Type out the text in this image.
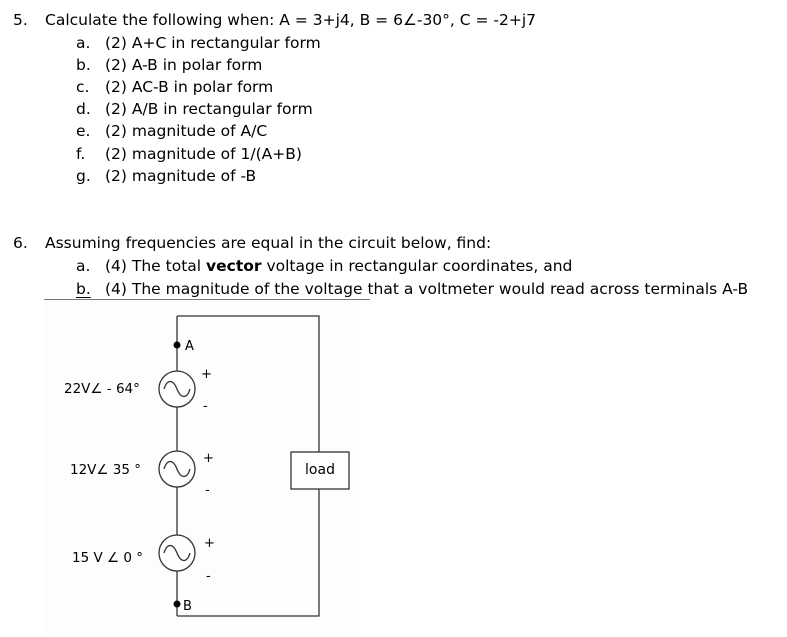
5. Calculate the following when: A = 3+j4, B = 6∠-30°, C = -2+j7
a. (2) A+C in rectangular form
b. (2) A-B in polar form
c. (2) AC-B in polar form
d. (2) A/B in rectangular form
e. (2) magnitude of A/C
f. (2) magnitude of 1/(A+B)
g. (2) magnitude of -B
6. Assuming frequencies are equal in the circuit below, find:
a. (4) The total vector voltage in rectangular coordinates, and
b. (4) The magnitude of the voltage that a voltmeter would read across terminals A-B
A
B
22V∠ - 64°
+
-
12V∠ 35 °
+
-
15 V ∠ 0 °
+
-
load
